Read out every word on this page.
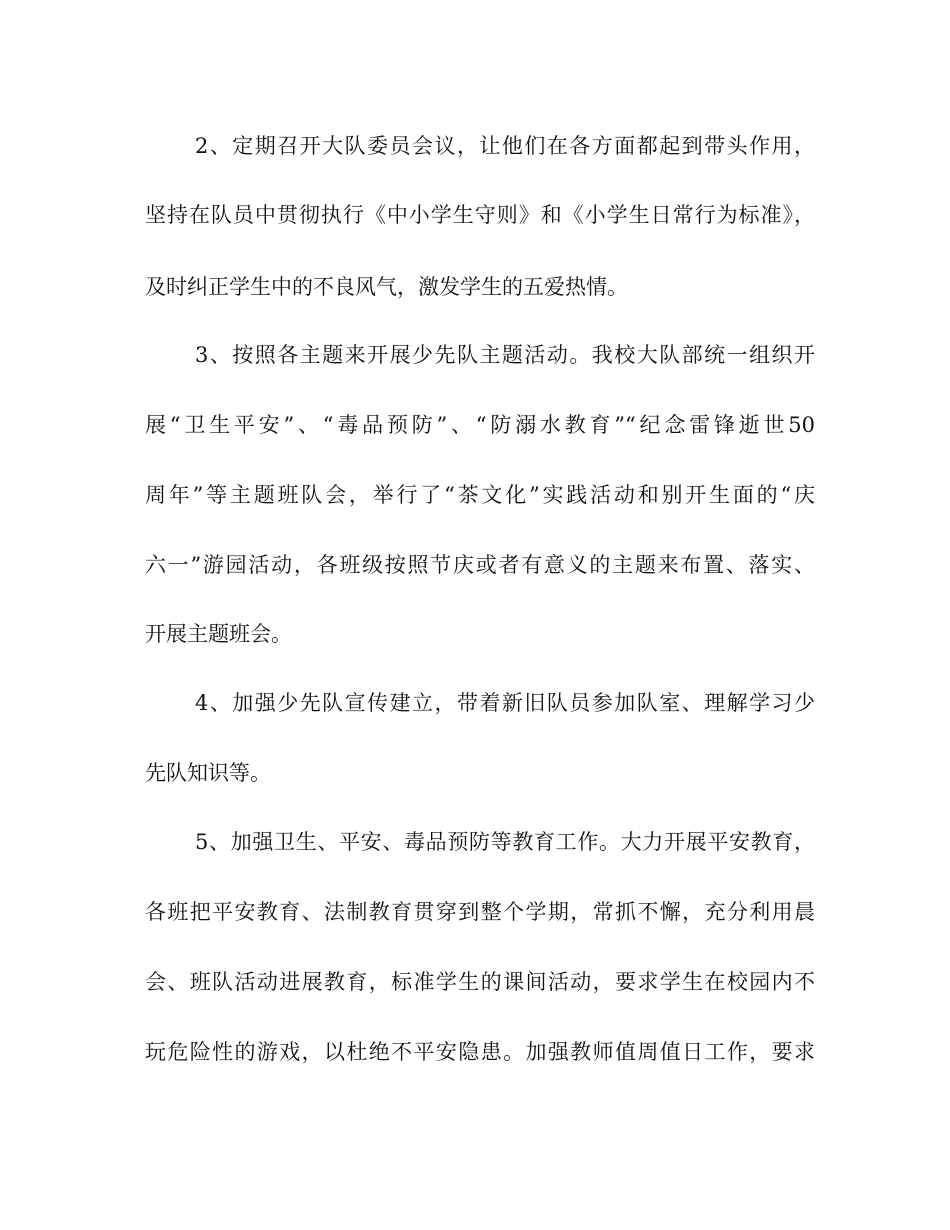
2、定期召开大队委员会议，让他们在各方面都起到带头作用，
坚持在队员中贯彻执行《中小学生守则》和《小学生日常行为标准》，
及时纠正学生中的不良风气，激发学生的五爱热情。
3、按照各主题来开展少先队主题活动。我校大队部统一组织开
展“卫生平安”、“毒品预防”、“防溺水教育”“纪念雷锋逝世50
周年”等主题班队会，举行了“茶文化”实践活动和别开生面的“庆
六一”游园活动，各班级按照节庆或者有意义的主题来布置、落实、
开展主题班会。
4、加强少先队宣传建立，带着新旧队员参加队室、理解学习少
先队知识等。
5、加强卫生、平安、毒品预防等教育工作。大力开展平安教育，
各班把平安教育、法制教育贯穿到整个学期，常抓不懈，充分利用晨
会、班队活动进展教育，标准学生的课间活动，要求学生在校园内不
玩危险性的游戏，以杜绝不平安隐患。加强教师值周值日工作，要求
